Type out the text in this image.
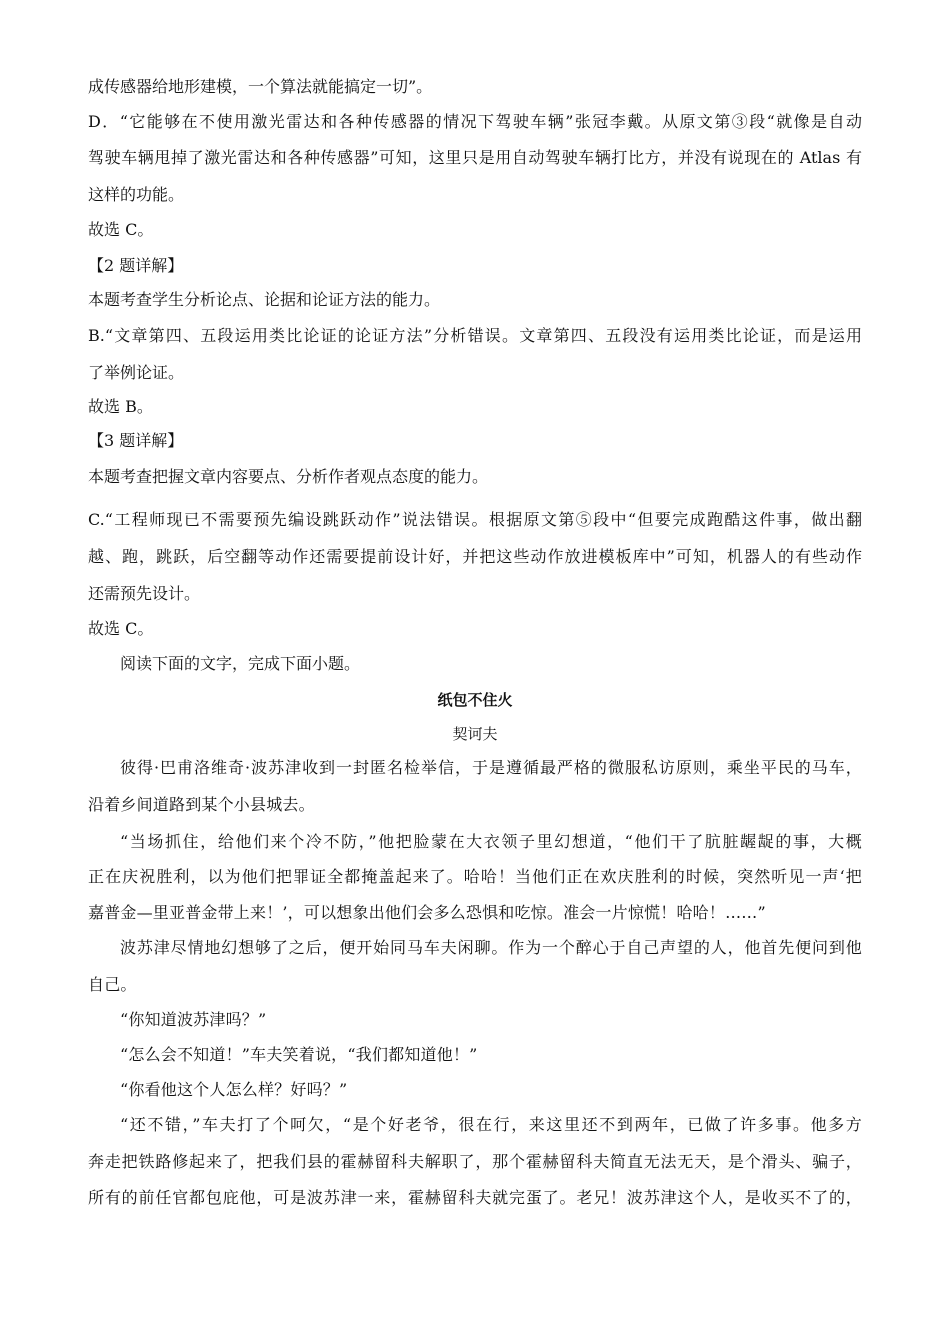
成传感器给地形建模，一个算法就能搞定一切”。
D．“它能够在不使用激光雷达和各种传感器的情况下驾驶车辆”张冠李戴。从原文第③段“就像是自动
驾驶车辆甩掉了激光雷达和各种传感器”可知，这里只是用自动驾驶车辆打比方，并没有说现在的 Atlas 有
这样的功能。
故选 C。
【2 题详解】
本题考查学生分析论点、论据和论证方法的能力。
B.“文章第四、五段运用类比论证的论证方法”分析错误。文章第四、五段没有运用类比论证，而是运用
了举例论证。
故选 B。
【3 题详解】
本题考查把握文章内容要点、分析作者观点态度的能力。
C.“工程师现已不需要预先编设跳跃动作”说法错误。根据原文第⑤段中“但要完成跑酷这件事，做出翻
越、跑，跳跃，后空翻等动作还需要提前设计好，并把这些动作放进模板库中”可知，机器人的有些动作
还需预先设计。
故选 C。
阅读下面的文字，完成下面小题。
纸包不住火
契诃夫
彼得·巴甫洛维奇·波苏津收到一封匿名检举信，于是遵循最严格的微服私访原则，乘坐平民的马车，
沿着乡间道路到某个小县城去。
“当场抓住，给他们来个冷不防，”他把脸蒙在大衣领子里幻想道，“他们干了肮脏龌龊的事，大概
正在庆祝胜利，以为他们把罪证全都掩盖起来了。哈哈！当他们正在欢庆胜利的时候，突然听见一声‘把
嘉普金—里亚普金带上来！’，可以想象出他们会多么恐惧和吃惊。准会一片惊慌！哈哈！……”
波苏津尽情地幻想够了之后，便开始同马车夫闲聊。作为一个醉心于自己声望的人，他首先便问到他
自己。
“你知道波苏津吗？”
“怎么会不知道！”车夫笑着说，“我们都知道他！”
“你看他这个人怎么样？好吗？”
“还不错，”车夫打了个呵欠，“是个好老爷，很在行，来这里还不到两年，已做了许多事。他多方
奔走把铁路修起来了，把我们县的霍赫留科夫解职了，那个霍赫留科夫简直无法无天，是个滑头、骗子，
所有的前任官都包庇他，可是波苏津一来，霍赫留科夫就完蛋了。老兄！波苏津这个人，是收买不了的，
